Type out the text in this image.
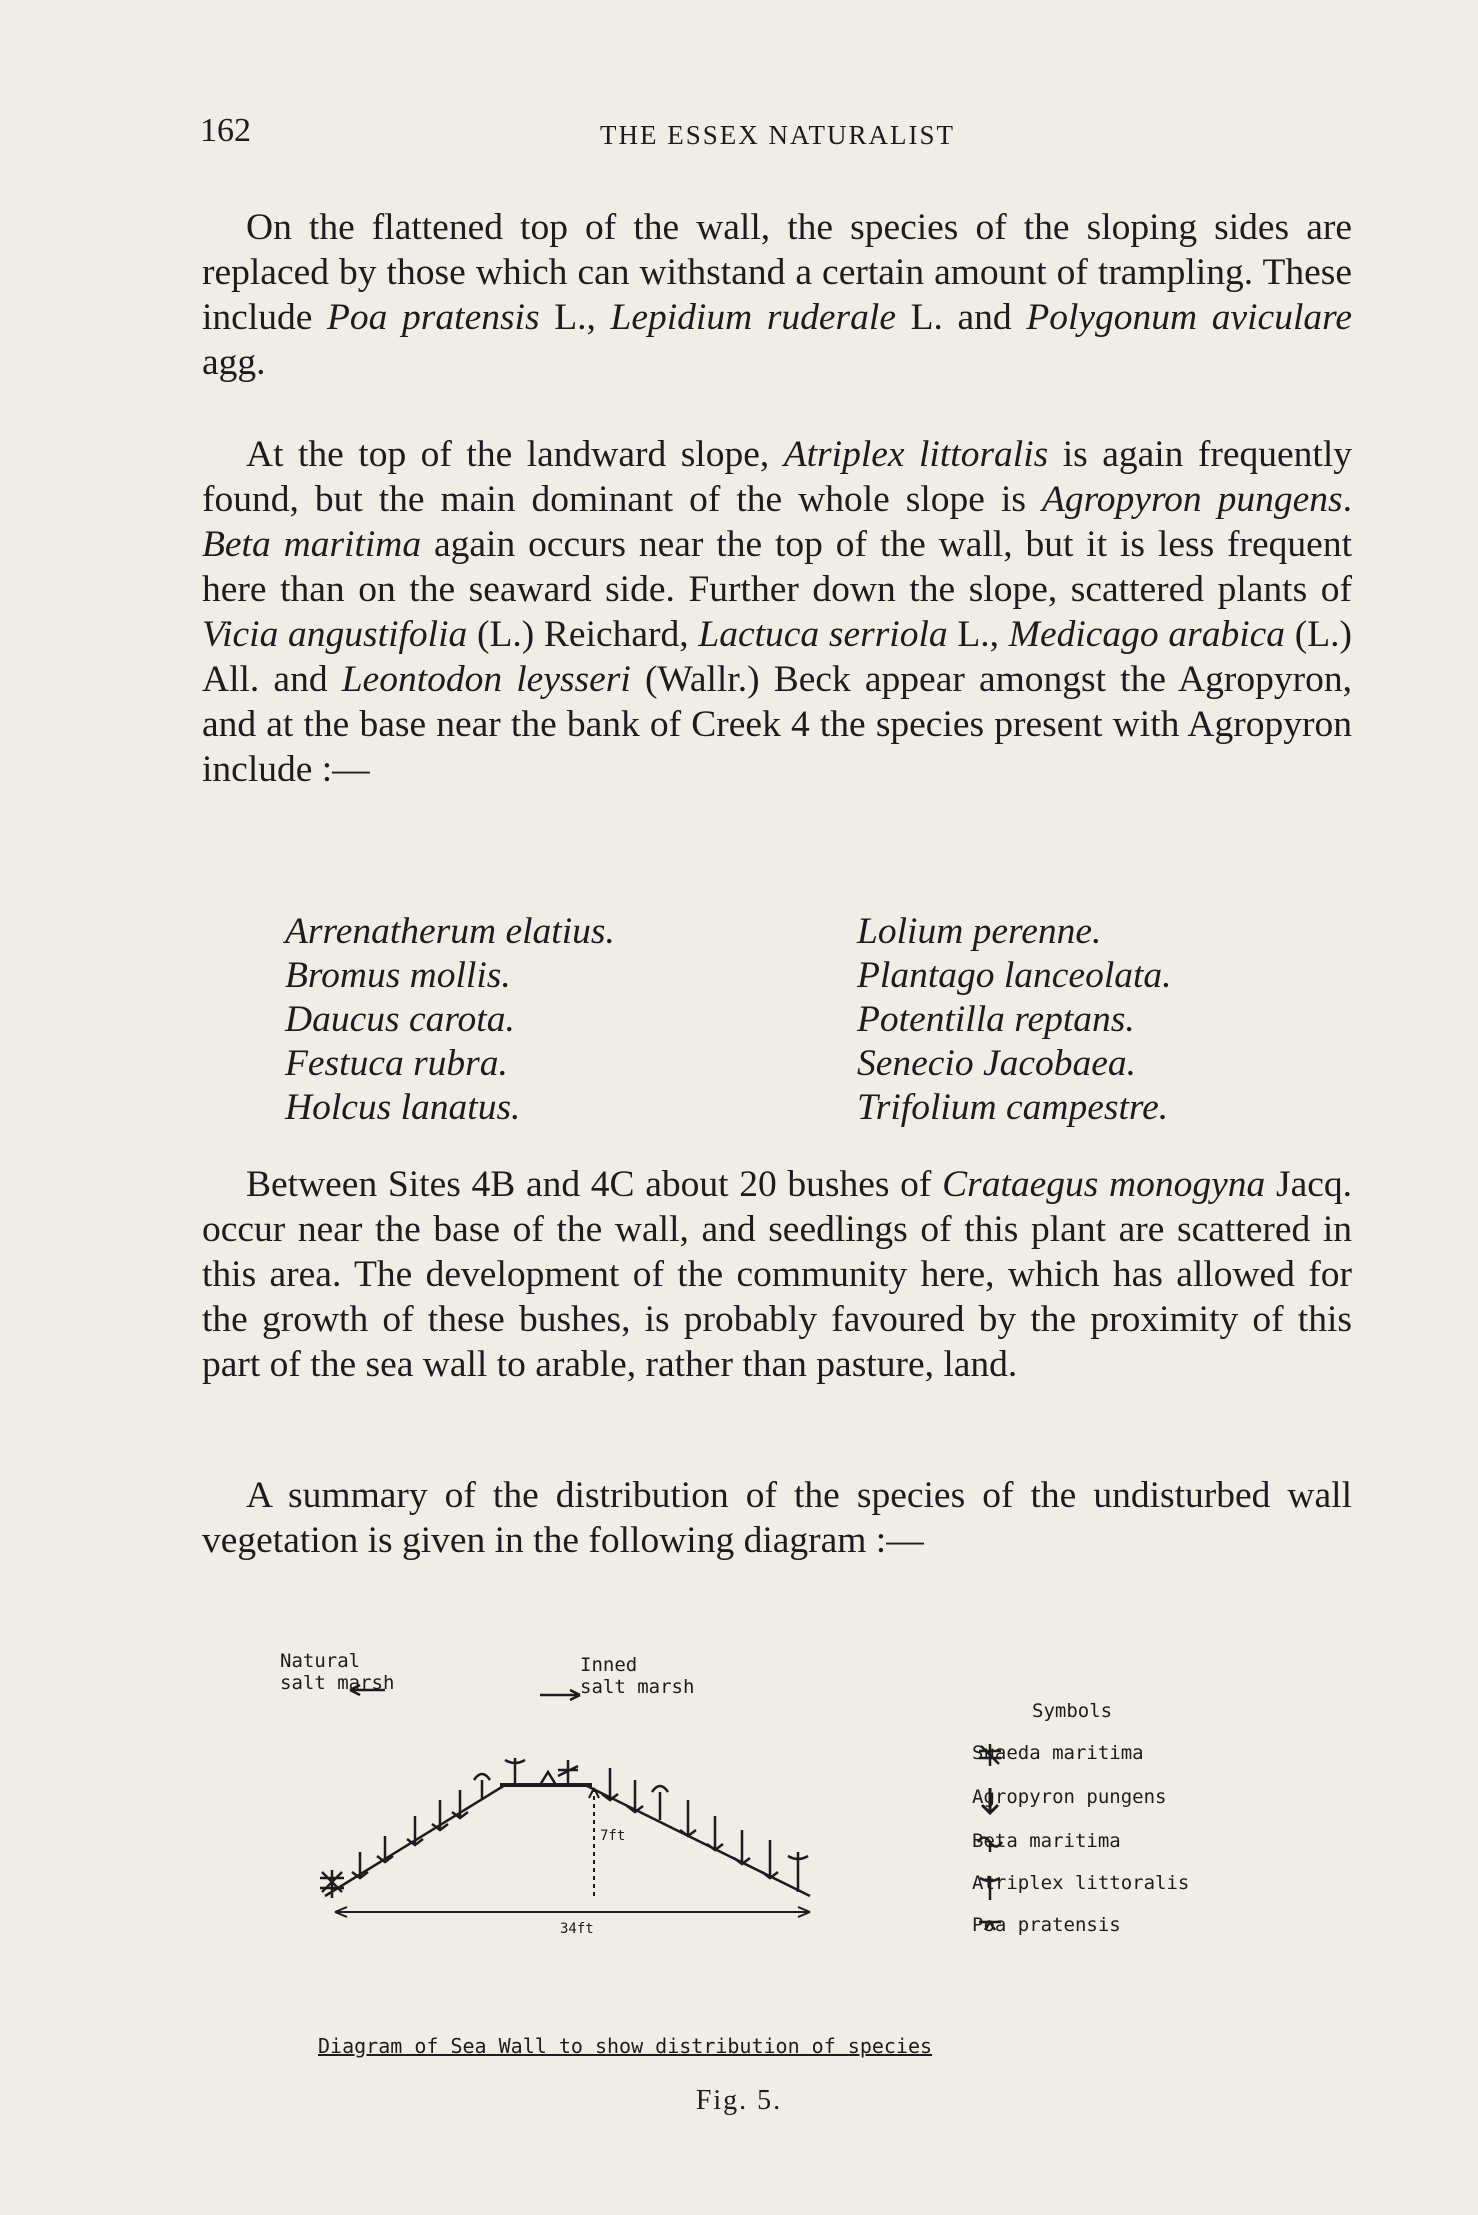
162	THE ESSEX NATURALIST

On the flattened top of the wall, the species of the sloping sides are replaced by those which can withstand a certain amount of trampling. These include Poa pratensis L., Lepidium ruderale L. and Polygonum aviculare agg.

At the top of the landward slope, Atriplex littoralis is again frequently found, but the main dominant of the whole slope is Agropyron pungens. Beta maritima again occurs near the top of the wall, but it is less frequent here than on the seaward side. Further down the slope, scattered plants of Vicia angustifolia (L.) Reichard, Lactuca serriola L., Medicago arabica (L.) All. and Leontodon leysseri (Wallr.) Beck appear amongst the Agropyron, and at the base near the bank of Creek 4 the species present with Agropyron include :—

Arrenatherum elatius.
Bromus mollis.
Daucus carota.
Festuca rubra.
Holcus lanatus.
Lolium perenne.
Plantago lanceolata.
Potentilla reptans.
Senecio Jacobaea.
Trifolium campestre.

Between Sites 4B and 4C about 20 bushes of Crataegus monogyna Jacq. occur near the base of the wall, and seedlings of this plant are scattered in this area. The development of the community here, which has allowed for the growth of these bushes, is probably favoured by the proximity of this part of the sea wall to arable, rather than pasture, land.

A summary of the distribution of the species of the undisturbed wall vegetation is given in the following diagram :—

Natural
salt marsh
Inned
salt marsh
7ft
34ft
Symbols
Suaeda maritima
Agropyron pungens
Beta maritima
Atriplex littoralis
Poa pratensis
Diagram of Sea Wall to show distribution of species
Fig. 5.
